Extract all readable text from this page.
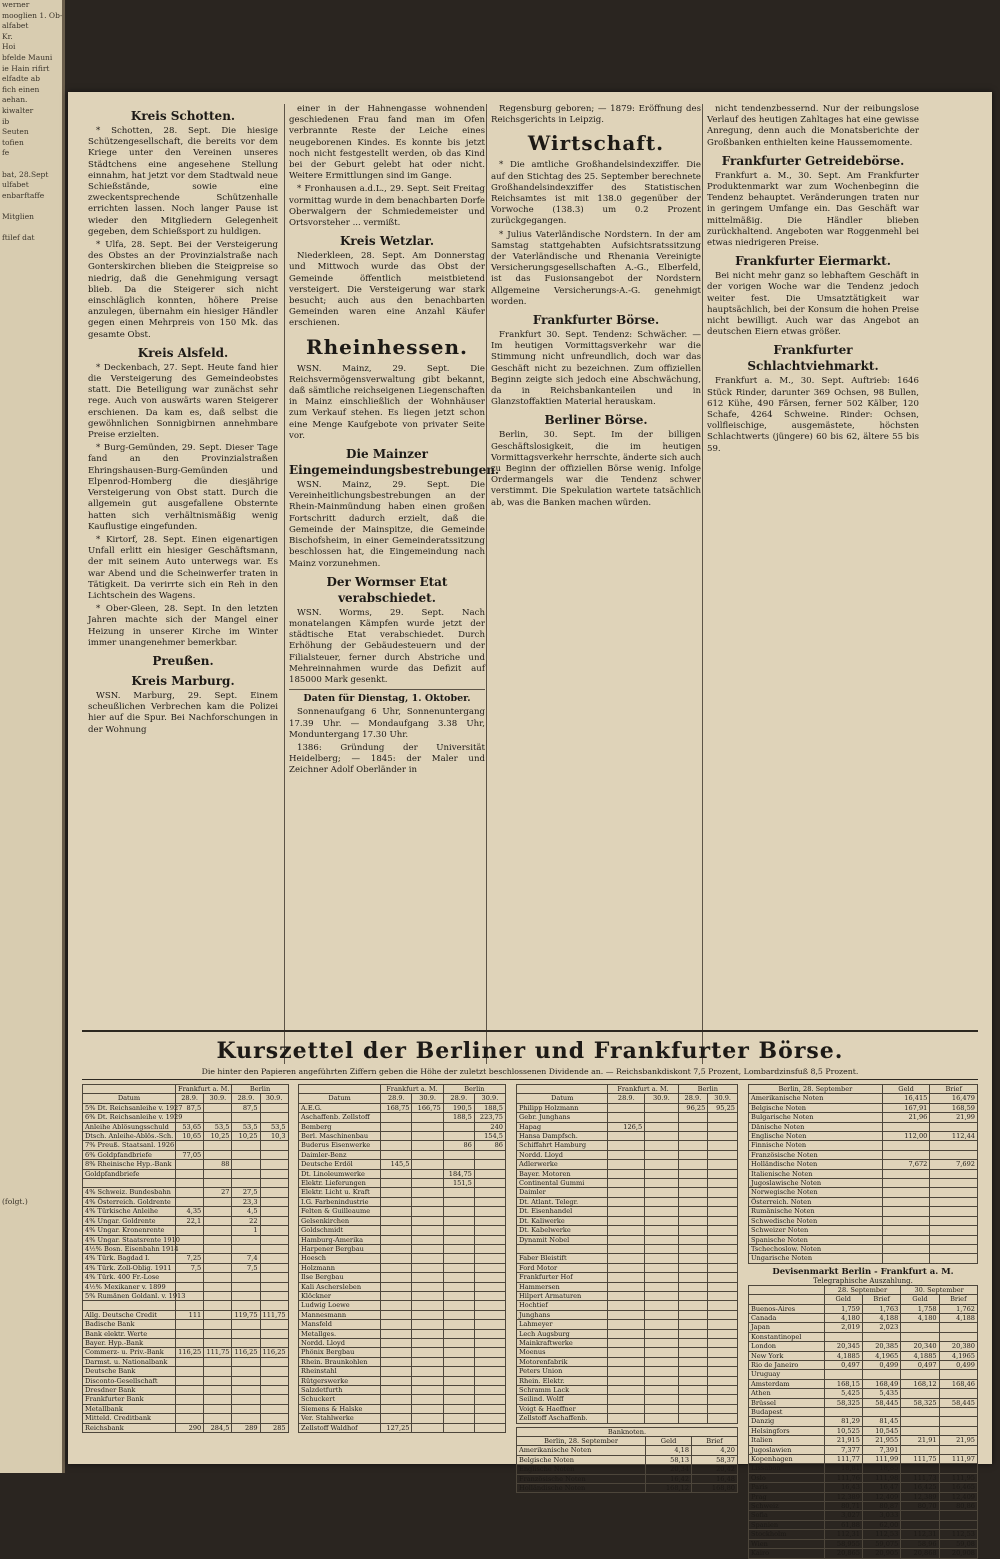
werner
mooglien 1. Ob-
alfabet
Kr.
Hoi
bfelde Mauni
ie Hain rifirt
elfadte ab
fich einen
aehan.
kiwalter
ib
Seuten
tofien
fe

bat, 28.Sept
ulfabet
enbarftaffe

Mitglien

ftilef dat

(folgt.)
Kreis Schotten.

* Schotten, 28. Sept. Die hiesige Schützengesellschaft, die bereits vor dem Kriege unter den Vereinen unseres Städtchens eine angesehene Stellung einnahm, hat jetzt vor dem Stadtwald neue Schießstände, sowie eine zweckentsprechende Schützenhalle errichten lassen. Noch langer Pause ist wieder den Mitgliedern Gelegenheit gegeben, dem Schießsport zu huldigen.

* Ulfa, 28. Sept. Bei der Versteigerung des Obstes an der Provinzialstraße nach Gonterskirchen blieben die Steigpreise so niedrig, daß die Genehmigung versagt blieb. Da die Steigerer sich nicht einschläglich konnten, höhere Preise anzulegen, übernahm ein hiesiger Händler gegen einen Mehrpreis von 150 Mk. das gesamte Obst.

Kreis Alsfeld.

* Deckenbach, 27. Sept. Heute fand hier die Versteigerung des Gemeindeobstes statt. Die Beteiligung war zunächst sehr rege. Auch von auswärts waren Steigerer erschienen. Da kam es, daß selbst die gewöhnlichen Sonnigbirnen annehmbare Preise erzielten.

* Burg-Gemünden, 29. Sept. Dieser Tage fand an den Provinzialstraßen Ehringshausen-Burg-Gemünden und Elpenrod-Homberg die diesjährige Versteigerung von Obst statt. Durch die allgemein gut ausgefallene Obsternte hatten sich verhältnismäßig wenig Kauflustige eingefunden.

* Kirtorf, 28. Sept. Einen eigenartigen Unfall erlitt ein hiesiger Geschäftsmann, der mit seinem Auto unterwegs war. Es war Abend und die Scheinwerfer traten in Tätigkeit. Da verirrte sich ein Reh in den Lichtschein des Wagens.

* Ober-Gleen, 28. Sept. In den letzten Jahren machte sich der Mangel einer Heizung in unserer Kirche im Winter immer unangenehmer bemerkbar.

Preußen.
Kreis Marburg.

WSN. Marburg, 29. Sept. Einem scheußlichen Verbrechen kam die Polizei hier auf die Spur. Bei Nachforschungen in der Wohnung

einer in der Hahnengasse wohnenden geschiedenen Frau fand man im Ofen verbrannte Reste der Leiche eines neugeborenen Kindes. Es konnte bis jetzt noch nicht festgestellt werden, ob das Kind bei der Geburt gelebt hat oder nicht. Weitere Ermittlungen sind im Gange.

* Fronhausen a.d.L., 29. Sept. Seit Freitag vormittag wurde in dem benachbarten Dorfe Oberwalgern der Schmiedemeister und Ortsvorsteher ... vermißt.

Kreis Wetzlar.

Niederkleen, 28. Sept. Am Donnerstag und Mittwoch wurde das Obst der Gemeinde öffentlich meistbietend versteigert. Die Versteigerung war stark besucht; auch aus den benachbarten Gemeinden waren eine Anzahl Käufer erschienen.

Rheinhessen.

WSN. Mainz, 29. Sept. Die Reichsvermögensverwaltung gibt bekannt, daß sämtliche reichseigenen Liegenschaften in Mainz einschließlich der Wohnhäuser zum Verkauf stehen. Es liegen jetzt schon eine Menge Kaufgebote von privater Seite vor.

Die Mainzer Eingemeindungsbestrebungen.

WSN. Mainz, 29. Sept. Die Vereinheitlichungsbestrebungen an der Rhein-Mainmündung haben einen großen Fortschritt dadurch erzielt, daß die Gemeinde der Mainspitze, die Gemeinde Bischofsheim, in einer Gemeinderatssitzung beschlossen hat, die Eingemeindung nach Mainz vorzunehmen.

Der Wormser Etat verabschiedet.

WSN. Worms, 29. Sept. Nach monatelangen Kämpfen wurde jetzt der städtische Etat verabschiedet. Durch Erhöhung der Gebäudesteuern und der Filialsteuer, ferner durch Abstriche und Mehreinnahmen wurde das Defizit auf 185000 Mark gesenkt.

Daten für Dienstag, 1. Oktober.

Sonnenaufgang 6 Uhr, Sonnenuntergang 17.39 Uhr. — Mondaufgang 3.38 Uhr, Monduntergang 17.30 Uhr.

1386: Gründung der Universität Heidelberg; — 1845: der Maler und Zeichner Adolf Oberländer in

Regensburg geboren; — 1879: Eröffnung des Reichsgerichts in Leipzig.

Wirtschaft.

* Die amtliche Großhandelsindexziffer. Die auf den Stichtag des 25. September berechnete Großhandelsindexziffer des Statistischen Reichsamtes ist mit 138.0 gegenüber der Vorwoche (138.3) um 0.2 Prozent zurückgegangen.

* Julius Vaterländische Nordstern. In der am Samstag stattgehabten Aufsichtsratssitzung der Vaterländische und Rhenania Vereinigte Versicherungsgesellschaften A.-G., Elberfeld, ist das Fusionsangebot der Nordstern Allgemeine Versicherungs-A.-G. genehmigt worden.

Frankfurter Börse.

Frankfurt 30. Sept. Tendenz: Schwächer. — Im heutigen Vormittagsverkehr war die Stimmung nicht unfreundlich, doch war das Geschäft nicht zu bezeichnen. Zum offiziellen Beginn zeigte sich jedoch eine Abschwächung, da in Reichsbankanteilen und in Glanzstoffaktien Material herauskam.

Berliner Börse.

Berlin, 30. Sept. Im der billigen Geschäftslosigkeit, die im heutigen Vormittagsverkehr herrschte, änderte sich auch zu Beginn der offiziellen Börse wenig. Infolge Ordermangels war die Tendenz schwer verstimmt. Die Spekulation wartete tatsächlich ab, was die Banken machen würden.

nicht tendenzbessernd. Nur der reibungslose Verlauf des heutigen Zahltages hat eine gewisse Anregung, denn auch die Monatsberichte der Großbanken enthielten keine Haussemomente.

Frankfurter Getreidebörse.

Frankfurt a. M., 30. Sept. Am Frankfurter Produktenmarkt war zum Wochenbeginn die Tendenz behauptet. Veränderungen traten nur in geringem Umfange ein. Das Geschäft war mittelmäßig. Die Händler blieben zurückhaltend. Angeboten war Roggenmehl bei etwas niedrigeren Preise.

Frankfurter Eiermarkt.

Bei nicht mehr ganz so lebhaftem Geschäft in der vorigen Woche war die Tendenz jedoch weiter fest. Die Umsatztätigkeit war hauptsächlich, bei der Konsum die hohen Preise nicht bewilligt. Auch war das Angebot an deutschen Eiern etwas größer.

Frankfurter Schlachtviehmarkt.

Frankfurt a. M., 30. Sept. Auftrieb: 1646 Stück Rinder, darunter 369 Ochsen, 98 Bullen, 612 Kühe, 490 Färsen, ferner 502 Kälber, 120 Schafe, 4264 Schweine. Rinder: Ochsen, vollfleischige, ausgemästete, höchsten Schlachtwerts (jüngere) 60 bis 62, ältere 55 bis 59.

Kurszettel der Berliner und Frankfurter Börse.
Die hinter den Papieren angeführten Ziffern geben die Höhe der zuletzt beschlossenen Dividende an. — Reichsbankdiskont 7,5 Prozent, Lombardzinsfuß 8,5 Prozent.
	Frankfurt a. M.		Berlin	
Datum	28.9.	30.9.	28.9.	30.9.
5% Dt. Reichsanleihe v. 1927	87,5		87,5	
6% Dt. Reichsanleihe v. 1929				
Anleihe Ablösungsschuld	53,65	53,5	53,5	53,5
Dtsch. Anleihe-Ablös.-Sch.	10,65	10,25	10,25	10,3
7% Preuß. Staatsanl. 1926				
6% Goldpfandbriefe	77,05			
8% Rheinische Hyp.-Bank		88		
Goldpfandbriefe				

4% Schweiz. Bundesbahn		27	27,5	
4% Österreich. Goldrente			23,3	
4% Türkische Anleihe	4,35		4,5	
4% Ungar. Goldrente	22,1		22	
4% Ungar. Kronenrente			1	
4% Ungar. Staatsrente 1910				
4½% Bosn. Eisenbahn 1914				
4% Türk. Bagdad I.	7,25		7,4	
4% Türk. Zoll-Oblig. 1911	7,5		7,5	
4% Türk. 400 Fr.-Lose				
4½% Mexikaner v. 1899				
5% Rumänen Goldanl. v. 1913				

Allg. Deutsche Credit	111		119,75	111,75
Badische Bank				
Bank elektr. Werte				
Bayer. Hyp.-Bank				
Commerz- u. Priv.-Bank	116,25	111,75	116,25	116,25
Darmst. u. Nationalbank				
Deutsche Bank				
Disconto-Gesellschaft				
Dresdner Bank				
Frankfurter Bank				
Metallbank				
Mitteld. Creditbank				
Reichsbank	290	284,5	289	285
	Frankfurt a. M.		Berlin	
Datum	28.9.	30.9.	28.9.	30.9.
A.E.G.	168,75	166,75	190,5	188,5
Aschaffenb. Zellstoff			188,5	223,75
Bemberg				240
Berl. Maschinenbau				154,5
Buderus Eisenwerke			86	86
Daimler-Benz				
Deutsche Erdöl	145,5			
Dt. Linoleumwerke			184,75	
Elektr. Lieferungen			151,5	
Elektr. Licht u. Kraft				
I.G. Farbenindustrie				
Felten & Guilleaume				
Gelsenkirchen				
Goldschmidt				
Hamburg-Amerika				
Harpener Bergbau				
Hoesch				
Holzmann				
Ilse Bergbau				
Kali Aschersleben				
Klöckner				
Ludwig Loewe				
Mannesmann				
Mansfeld				
Metallges.				
Nordd. Lloyd				
Phönix Bergbau				
Rhein. Braunkohlen				
Rheinstahl				
Rütgerswerke				
Salzdetfurth				
Schuckert				
Siemens & Halske				
Ver. Stahlwerke				
Zellstoff Waldhof	127,25			
	Frankfurt a. M.		Berlin	
Datum	28.9.	30.9.	28.9.	30.9.
Philipp Holzmann			96,25	95,25
Gebr. Junghans				
Hapag	126,5			
Hansa Dampfsch.				
Schiffahrt Hamburg				
Nordd. Lloyd				
Adlerwerke				
Bayer. Motoren				
Continental Gummi				
Daimler				
Dt. Atlant. Telegr.				
Dt. Eisenhandel				
Dt. Kaliwerke				
Dt. Kabelwerke				
Dynamit Nobel				

Faber Bleistift				
Ford Motor				
Frankfurter Hof				
Hammersen				
Hilpert Armaturen				
Hochtief				
Junghans				
Lahmeyer				
Lech Augsburg				
Mainkraftwerke				
Moenus				
Motorenfabrik				
Peters Union				
Rhein. Elektr.				
Schramm Lack				
Seilind. Wolff				
Voigt & Haeffner				
Zellstoff Aschaffenb.				
Banknoten.		
Berlin, 28. September	Geld	Brief
Amerikanische Noten	4,18	4,20
Belgische Noten	58,13	58,37
Englische Noten	20,34	20,42
Französische Noten	16,42	16,48
Holländische Noten	168,12	168,80
Berlin, 28. September	Geld	Brief
Amerikanische Noten	16,415	16,479
Belgische Noten	167,91	168,59
Bulgarische Noten	21,96	21,99
Dänische Noten		
Englische Noten	112,00	112,44
Finnische Noten		
Französische Noten		
Holländische Noten	7,672	7,692
Italienische Noten		
Jugoslawische Noten		
Norwegische Noten		
Österreich. Noten		
Rumänische Noten		
Schwedische Noten		
Schweizer Noten		
Spanische Noten		
Tschechoslow. Noten		
Ungarische Noten		
Devisenmarkt Berlin - Frankfurt a. M.
Telegraphische Auszahlung.
	28. September		30. September	
	Geld	Brief	Geld	Brief
Buenos-Aires	1,759	1,763	1,758	1,762
Canada	4,180	4,188	4,180	4,188
Japan	2,019	2,023		
Konstantinopel				
London	20,345	20,385	20,340	20,380
New York	4,1885	4,1965	4,1885	4,1965
Rio de Janeiro	0,497	0,499	0,497	0,499
Uruguay				
Amsterdam	168,15	168,49	168,12	168,46
Athen	5,425	5,435		
Brüssel	58,325	58,445	58,325	58,445
Budapest				
Danzig	81,29	81,45		
Helsingfors	10,525	10,545		
Italien	21,915	21,955	21,91	21,95
Jugoslawien	7,377	7,391		
Kopenhagen	111,77	111,99	111,75	111,97
Lissabon	18,81	18,85		
Oslo	111,76	111,98	111,73	111,95
Paris	16,43	16,47	16,425	16,465
Prag	12,389	12,409	12,389	12,409
Schweiz	80,71	80,87	80,70	80,86
Sofia	3,027	3,033		
Spanien	61,88	62,00		
Stockholm	112,31	112,53	112,31	112,53
Wien	58,955	59,075	58,96	59,08
Kairo	20,865	20,905	20,868	20,908
